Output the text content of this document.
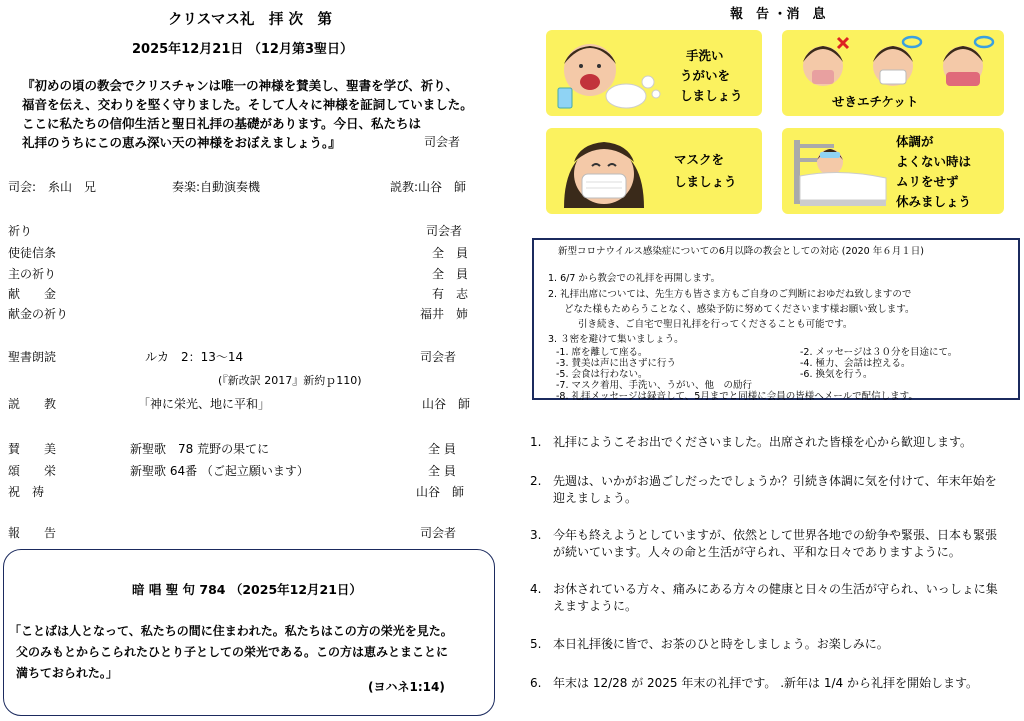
クリスマス礼　拝 次　第
2025年12月21日 （12月第3聖日）
『初めの頃の教会でクリスチャンは唯一の神様を賛美し、聖書を学び、祈り、
福音を伝え、交わりを堅く守りました。そして人々に神様を証詞していました。
ここに私たちの信仰生活と聖日礼拝の基礎があります。今日、私たちは
礼拝のうちにこの恵み深い天の神様をおぼえましょう。』	司会者
司会:　糸山　兄	奏楽:自動演奏機	説教:山谷　師
祈り	司会者
使徒信条	全　員
主の祈り	全　員
献　　金	有　志
献金の祈り	福井　姉
聖書朗読	ルカ　2：13～14	司会者
(『新改訳 2017』新約ｐ110)
説　　教	「神に栄光、地に平和」	山谷　師
賛　　美	新聖歌　78 荒野の果てに	全 員
頌　　栄	新聖歌 64番 （ご起立願います）	全 員
祝　祷	山谷　師
報　　告	司会者
暗 唱 聖 句 784 （2025年12月21日）
「ことばは人となって、私たちの間に住まわれた。私たちはこの方の栄光を見た。
父のみもとからこられたひとり子としての栄光である。この方は恵みとまことに
満ちておられた。」
(ヨハネ1:14)
報　告 ・消　息
手洗い
うがいを
しましょう	せきエチケット
マスクを
しましょう
体調が
よくない時は
ムリをせず
休みましょう
新型コロナウイルス感染症についての6月以降の教会としての対応 (2020 年６月１日)
1. 6/7 から教会での礼拝を再開します。
2. 礼拝出席については、先生方も皆さま方もご自身のご判断におゆだね致しますので
どなた様もためらうことなく、感染予防に努めてくださいます様お願い致します。
引き続き、ご自宅で聖日礼拝を行ってくださることも可能です。
3. ３密を避けて集いましょう。
-1. 席を離して座る。	-2. メッセージは３０分を目途にて。
-3. 賛美は声に出さずに行う	-4. 極力、会話は控える。
-5. 会食は行わない。	-6. 換気を行う。
-7. マスク着用、手洗い、うがい、他　の励行
-8. 礼拝メッセージは録音して、5月までと同様に会員の皆様へメールで配信します。
1. 礼拝にようこそお出でくださいました。出席された皆様を心から歓迎します。
2. 先週は、いかがお過ごしだったでしょうか？引続き体調に気を付けて、年末年始を迎えましょう。
3. 今年も終えようとしていますが、依然として世界各地での紛争や緊張、日本も緊張が続いています。人々の命と生活が守られ、平和な日々でありますように。
4. お休されている方々、痛みにある方々の健康と日々の生活が守られ、いっしょに集えますように。
5. 本日礼拝後に皆で、お茶のひと時をしましょう。お楽しみに。
6. 年末は 12/28 が 2025 年末の礼拝です。 .新年は 1/4 から礼拝を開始します。
